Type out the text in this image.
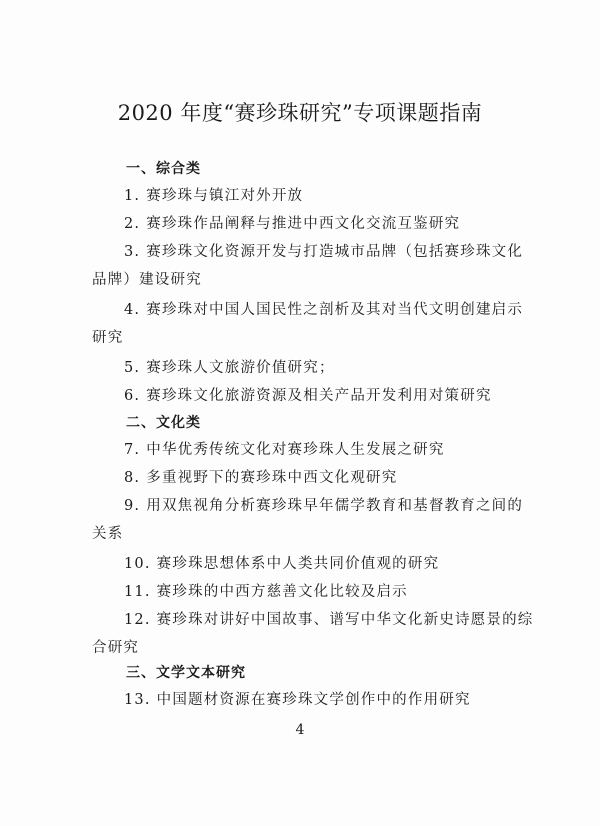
2020 年度“赛珍珠研究”专项课题指南
一、综合类
1. 赛珍珠与镇江对外开放
2. 赛珍珠作品阐释与推进中西文化交流互鉴研究
3. 赛珍珠文化资源开发与打造城市品牌（包括赛珍珠文化品牌）建设研究
4. 赛珍珠对中国人国民性之剖析及其对当代文明创建启示研究
5. 赛珍珠人文旅游价值研究；
6. 赛珍珠文化旅游资源及相关产品开发利用对策研究
二、文化类
7. 中华优秀传统文化对赛珍珠人生发展之研究
8. 多重视野下的赛珍珠中西文化观研究
9. 用双焦视角分析赛珍珠早年儒学教育和基督教育之间的关系
10. 赛珍珠思想体系中人类共同价值观的研究
11. 赛珍珠的中西方慈善文化比较及启示
12. 赛珍珠对讲好中国故事、谱写中华文化新史诗愿景的综合研究
三、文学文本研究
13. 中国题材资源在赛珍珠文学创作中的作用研究
4
